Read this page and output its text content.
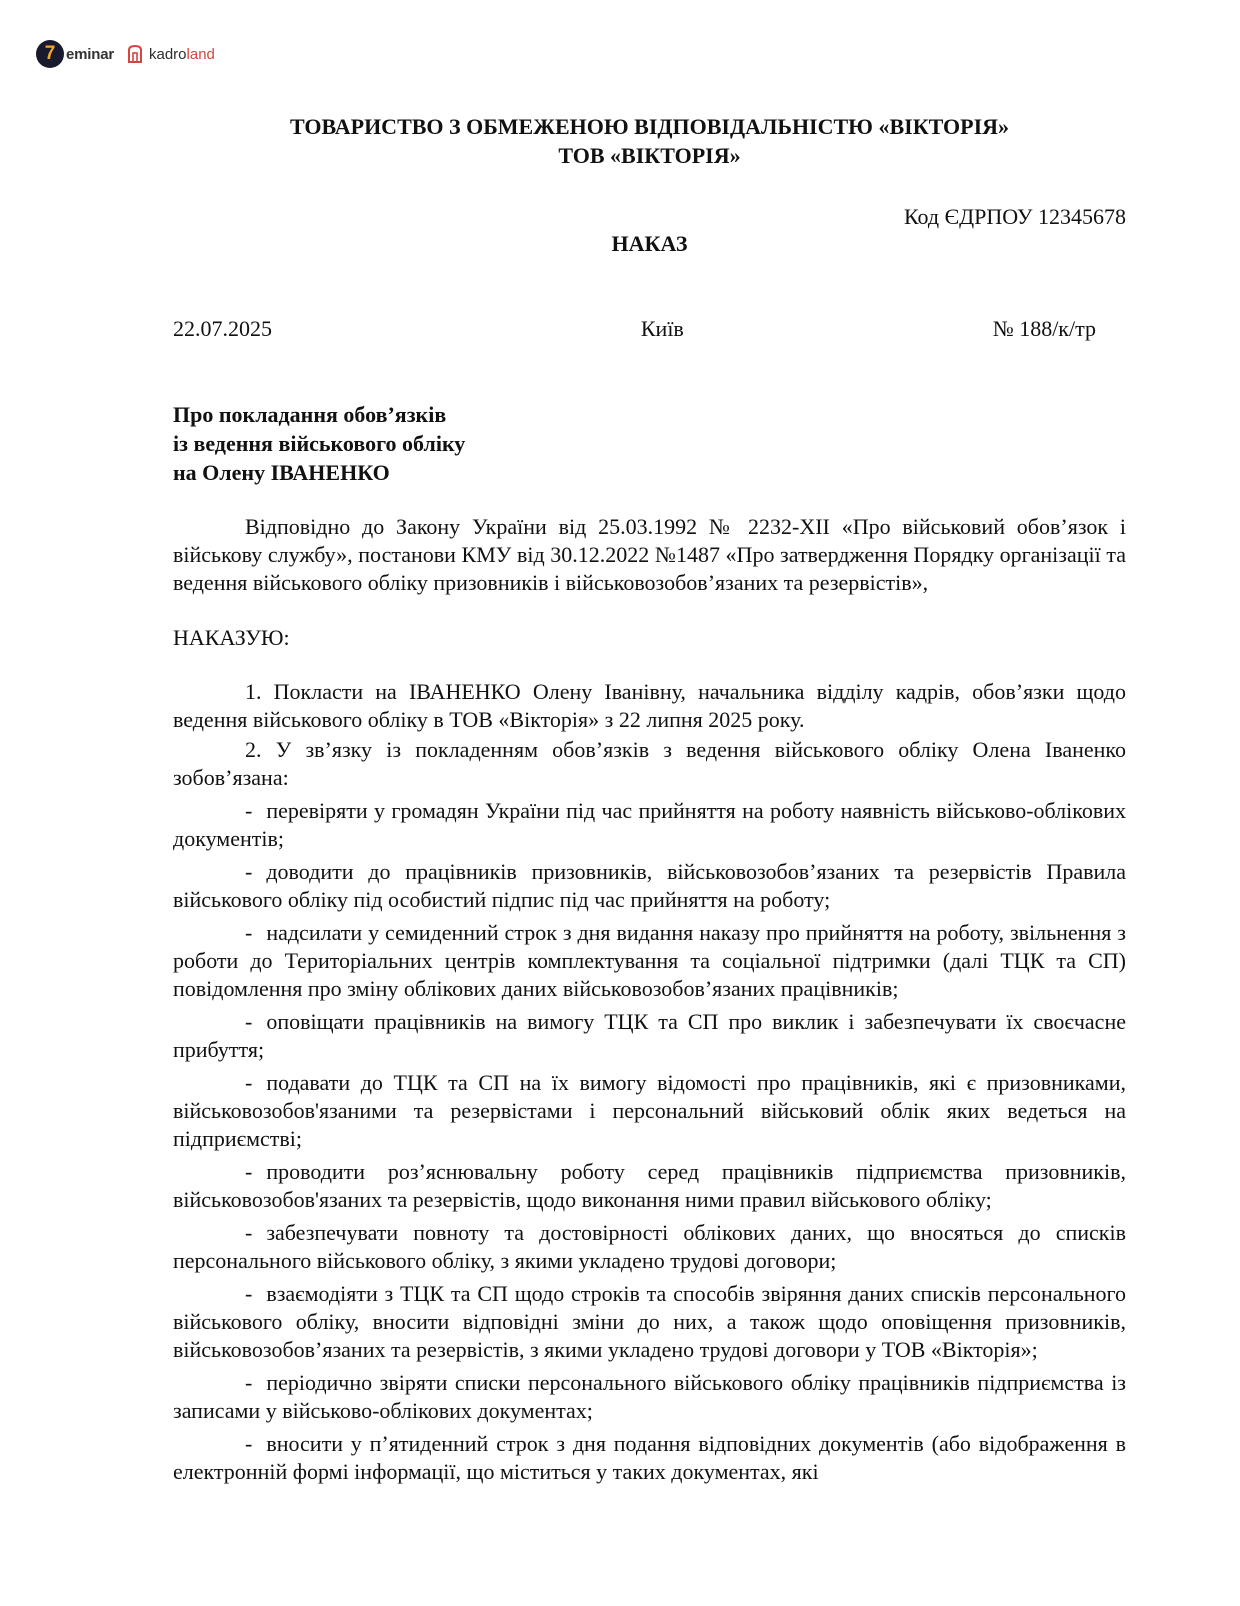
7 eminar kadroland
ТОВАРИСТВО З ОБМЕЖЕНОЮ ВІДПОВІДАЛЬНІСТЮ «ВІКТОРІЯ»
ТОВ «ВІКТОРІЯ»
Код ЄДРПОУ 12345678
НАКАЗ
22.07.2025	Київ	№ 188/к/тр
Про покладання обов’язків
із ведення військового обліку
на Олену ІВАНЕНКО
Відповідно до Закону України від 25.03.1992 № 2232-XII «Про військовий обов’язок і військову службу», постанови КМУ від 30.12.2022 №1487 «Про затвердження Порядку організації та ведення військового обліку призовників і військовозобов’язаних та резервістів»,
НАКАЗУЮ:
1. Покласти на ІВАНЕНКО Олену Іванівну, начальника відділу кадрів, обов’язки щодо ведення військового обліку в ТОВ «Вікторія» з 22 липня 2025 року.
2. У зв’язку із покладенням обов’язків з ведення військового обліку Олена Іваненко зобов’язана:
- перевіряти у громадян України під час прийняття на роботу наявність військово-облікових документів;
- доводити до працівників призовників, військовозобов’язаних та резервістів Правила військового обліку під особистий підпис під час прийняття на роботу;
- надсилати у семиденний строк з дня видання наказу про прийняття на роботу, звільнення з роботи до Територіальних центрів комплектування та соціальної підтримки (далі ТЦК та СП) повідомлення про зміну облікових даних військовозобов’язаних працівників;
- оповіщати працівників на вимогу ТЦК та СП про виклик і забезпечувати їх своєчасне прибуття;
- подавати до ТЦК та СП на їх вимогу відомості про працівників, які є призовниками, військовозобов'язаними та резервістами і персональний військовий облік яких ведеться на підприємстві;
- проводити роз’яснювальну роботу серед працівників підприємства призовників, військовозобов'язаних та резервістів, щодо виконання ними правил військового обліку;
- забезпечувати повноту та достовірності облікових даних, що вносяться до списків персонального військового обліку, з якими укладено трудові договори;
- взаємодіяти з ТЦК та СП щодо строків та способів звіряння даних списків персонального військового обліку, вносити відповідні зміни до них, а також щодо оповіщення призовників, військовозобов’язаних та резервістів, з якими укладено трудові договори у ТОВ «Вікторія»;
- періодично звіряти списки персонального військового обліку працівників підприємства із записами у військово-облікових документах;
- вносити у п’ятиденний строк з дня подання відповідних документів (або відображення в електронній формі інформації, що міститься у таких документах, які
